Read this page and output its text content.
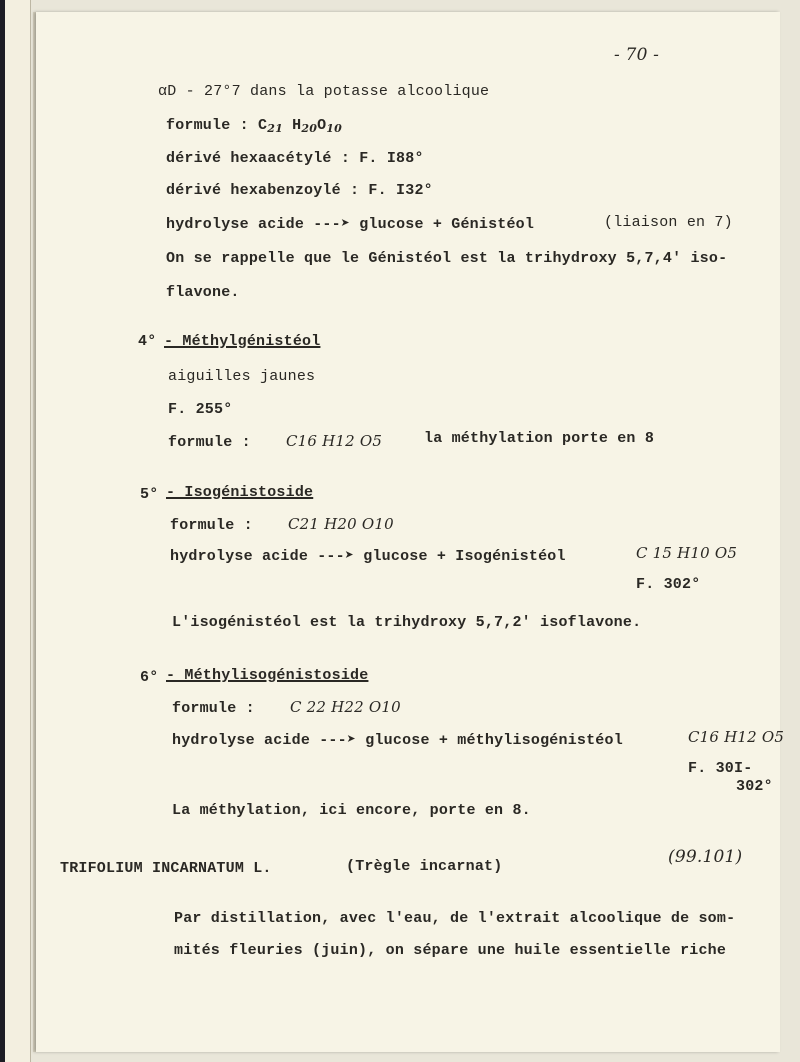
- 70 -
αD - 27°7 dans la potasse alcoolique
formule : $C_{21}$ $H_{20}O_{10}$
dérivé hexaacétylé : F. I88°
dérivé hexabenzoylé : F. I32°
hydrolyse acide ---➤ glucose + Génistéol	(liaison en 7)
On se rappelle que le Génistéol est la trihydroxy 5,7,4' iso-
flavone.
4° - Méthylgénistéol
aiguilles jaunes
F. 255°
formule : C16 H12 O5	la méthylation porte en 8
5° - Isogénistoside
formule : C21 H20 O10
hydrolyse acide ---➤ glucose + Isogénistéol	C 15 H10 O5
F. 302°
L'isogénistéol est la trihydroxy 5,7,2' isoflavone.
6° - Méthylisogénistoside
formule : C 22 H22 O10
hydrolyse acide ---➤ glucose + méthylisogénistéol	C16 H12 O5
F. 30I-
302°
La méthylation, ici encore, porte en 8.
TRIFOLIUM INCARNATUM L.	(Trègle incarnat)	(99.101)
Par distillation, avec l'eau, de l'extrait alcoolique de som-
mités fleuries (juin), on sépare une huile essentielle riche
